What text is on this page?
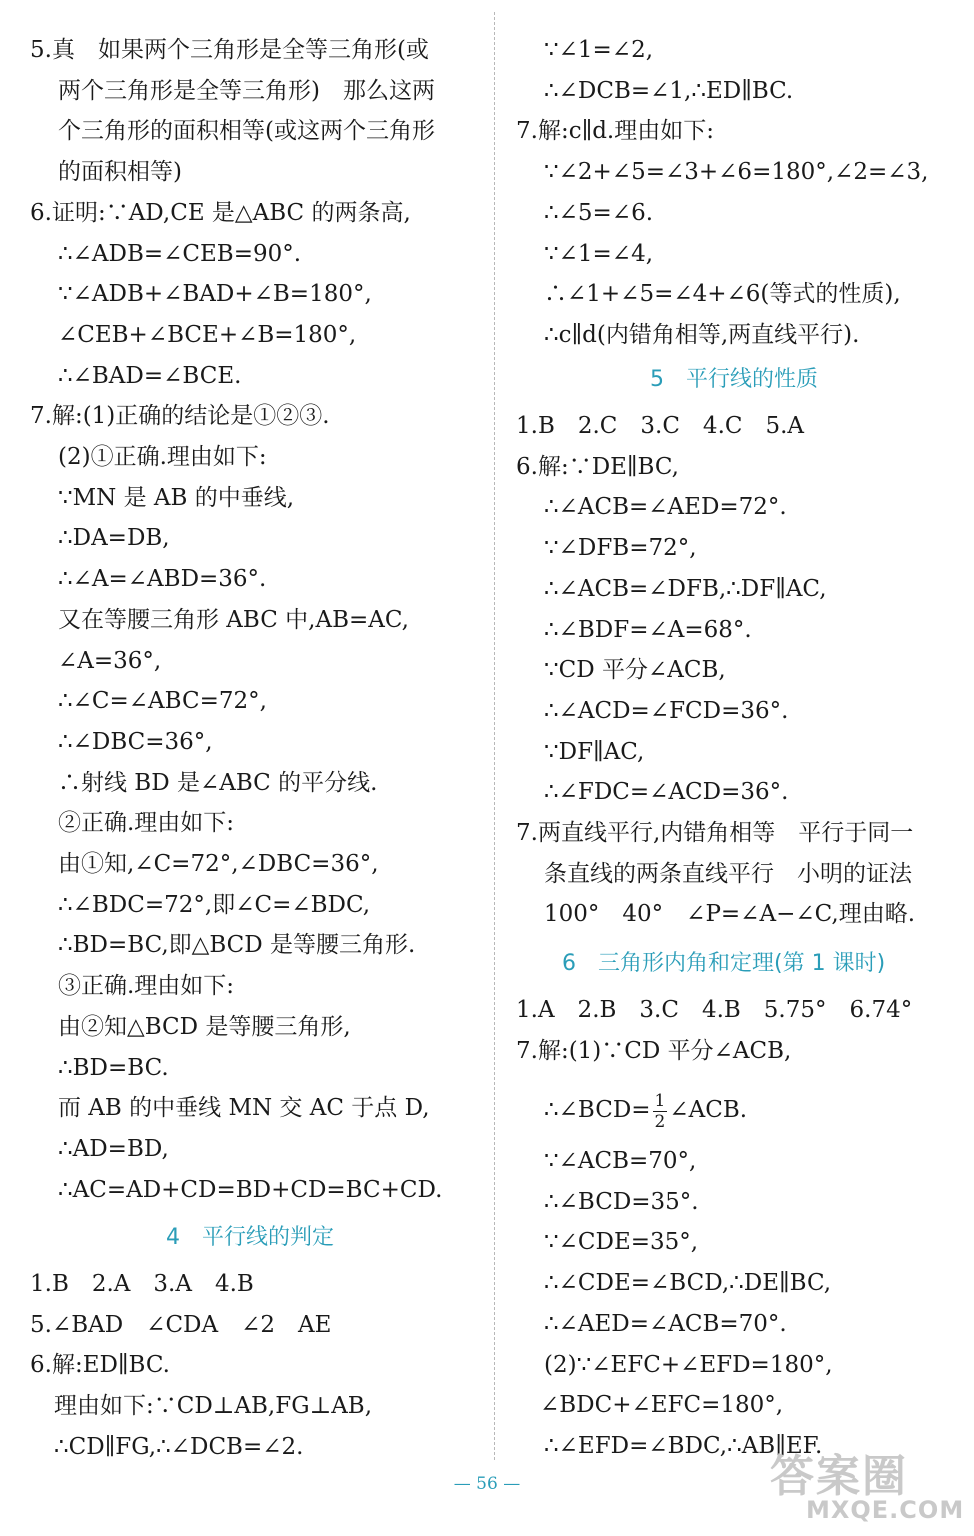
5.真　如果两个三角形是全等三角形(或
两个三角形是全等三角形)　那么这两
个三角形的面积相等(或这两个三角形
的面积相等)
6.证明:∵AD,CE 是△ABC 的两条高,
∴∠ADB=∠CEB=90°.
∵∠ADB+∠BAD+∠B=180°,
∠CEB+∠BCE+∠B=180°,
∴∠BAD=∠BCE.
7.解:(1)正确的结论是①②③.
(2)①正确.理由如下:
∵MN 是 AB 的中垂线,
∴DA=DB,
∴∠A=∠ABD=36°.
又在等腰三角形 ABC 中,AB=AC,
∠A=36°,
∴∠C=∠ABC=72°,
∴∠DBC=36°,
∴射线 BD 是∠ABC 的平分线.
②正确.理由如下:
由①知,∠C=72°,∠DBC=36°,
∴∠BDC=72°,即∠C=∠BDC,
∴BD=BC,即△BCD 是等腰三角形.
③正确.理由如下:
由②知△BCD 是等腰三角形,
∴BD=BC.
而 AB 的中垂线 MN 交 AC 于点 D,
∴AD=BD,
∴AC=AD+CD=BD+CD=BC+CD.
4　平行线的判定
1.B　2.A　3.A　4.B
5.∠BAD　∠CDA　∠2　AE
6.解:ED∥BC.
理由如下:∵CD⊥AB,FG⊥AB,
∴CD∥FG,∴∠DCB=∠2.
∵∠1=∠2,
∴∠DCB=∠1,∴ED∥BC.
7.解:c∥d.理由如下:
∵∠2+∠5=∠3+∠6=180°,∠2=∠3,
∴∠5=∠6.
∵∠1=∠4,
∴∠1+∠5=∠4+∠6(等式的性质),
∴c∥d(内错角相等,两直线平行).
5　平行线的性质
1.B　2.C　3.C　4.C　5.A
6.解:∵DE∥BC,
∴∠ACB=∠AED=72°.
∵∠DFB=72°,
∴∠ACB=∠DFB,∴DF∥AC,
∴∠BDF=∠A=68°.
∵CD 平分∠ACB,
∴∠ACD=∠FCD=36°.
∵DF∥AC,
∴∠FDC=∠ACD=36°.
7.两直线平行,内错角相等　平行于同一
条直线的两条直线平行　小明的证法
100°　40°　∠P=∠A−∠C,理由略.
6　三角形内角和定理(第 1 课时)
1.A　2.B　3.C　4.B　5.75°　6.74°
7.解:(1)∵CD 平分∠ACB,
∴∠BCD= $\frac{1}{2}$ ∠ACB.
∵∠ACB=70°,
∴∠BCD=35°.
∵∠CDE=35°,
∴∠CDE=∠BCD,∴DE∥BC,
∴∠AED=∠ACB=70°.
(2)∵∠EFC+∠EFD=180°,
∠BDC+∠EFC=180°,
∴∠EFD=∠BDC,∴AB∥EF.
— 56 —	答案圈
MXQE.COM
